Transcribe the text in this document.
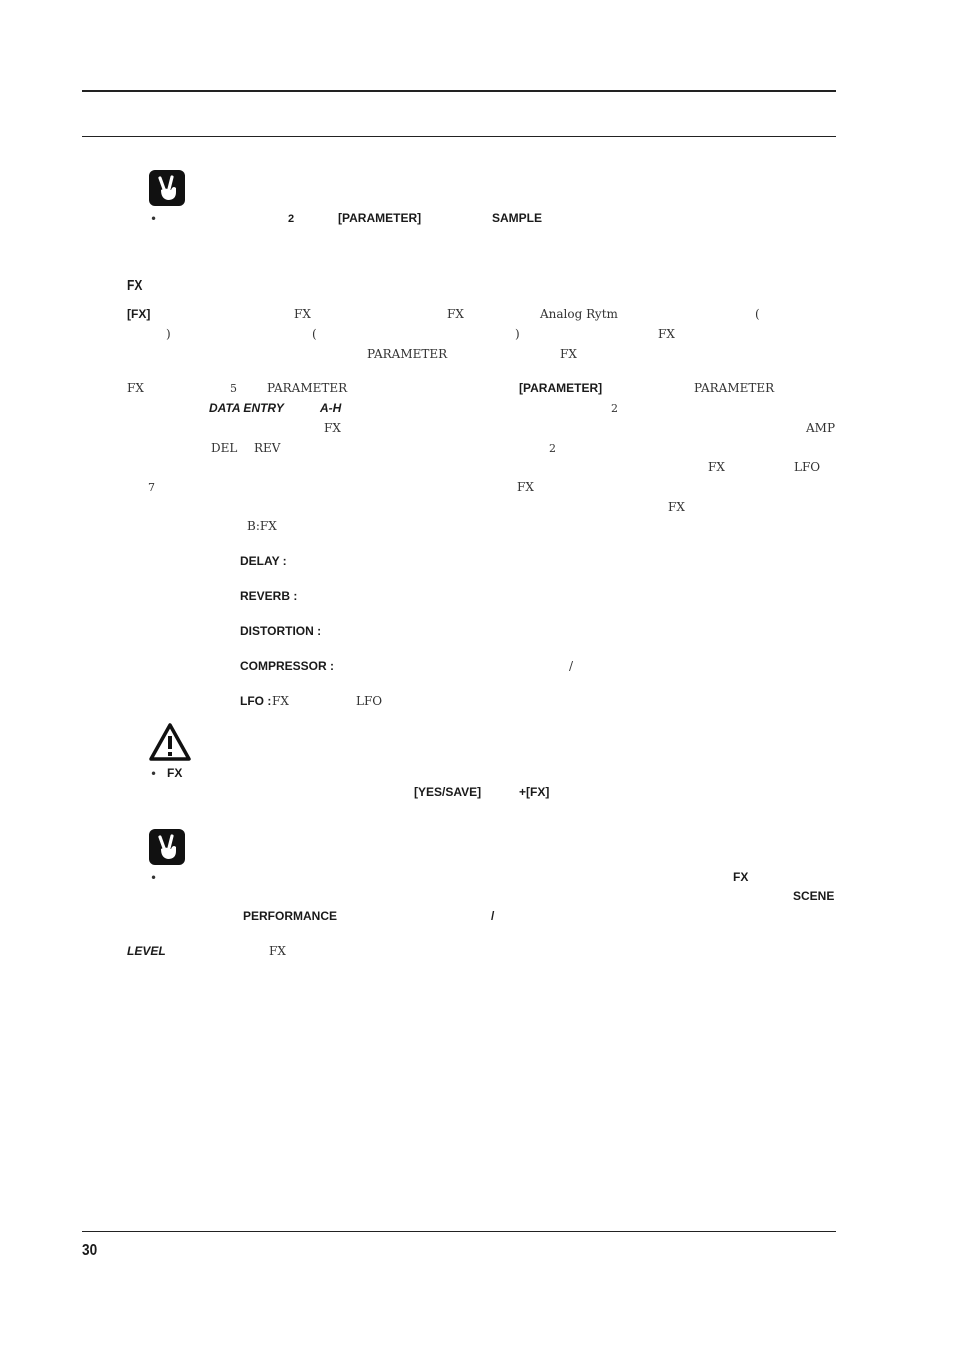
•	2	[PARAMETER]	SAMPLE
FX
[FX]	FX	FX	Analog Rytm	(
)	(	)	FX
PARAMETER	FX
FX	5	PARAMETER	[PARAMETER]	PARAMETER
DATA ENTRY	A-H	2
FX	AMP
DEL REV	2
FX	LFO
7	FX
FX
B:FX
DELAY :
REVERB :
DISTORTION :
COMPRESSOR :	/
LFO : FX	LFO
• FX
[YES/SAVE]	+[FX]
•	FX
SCENE
PERFORMANCE	/
LEVEL	FX
30
